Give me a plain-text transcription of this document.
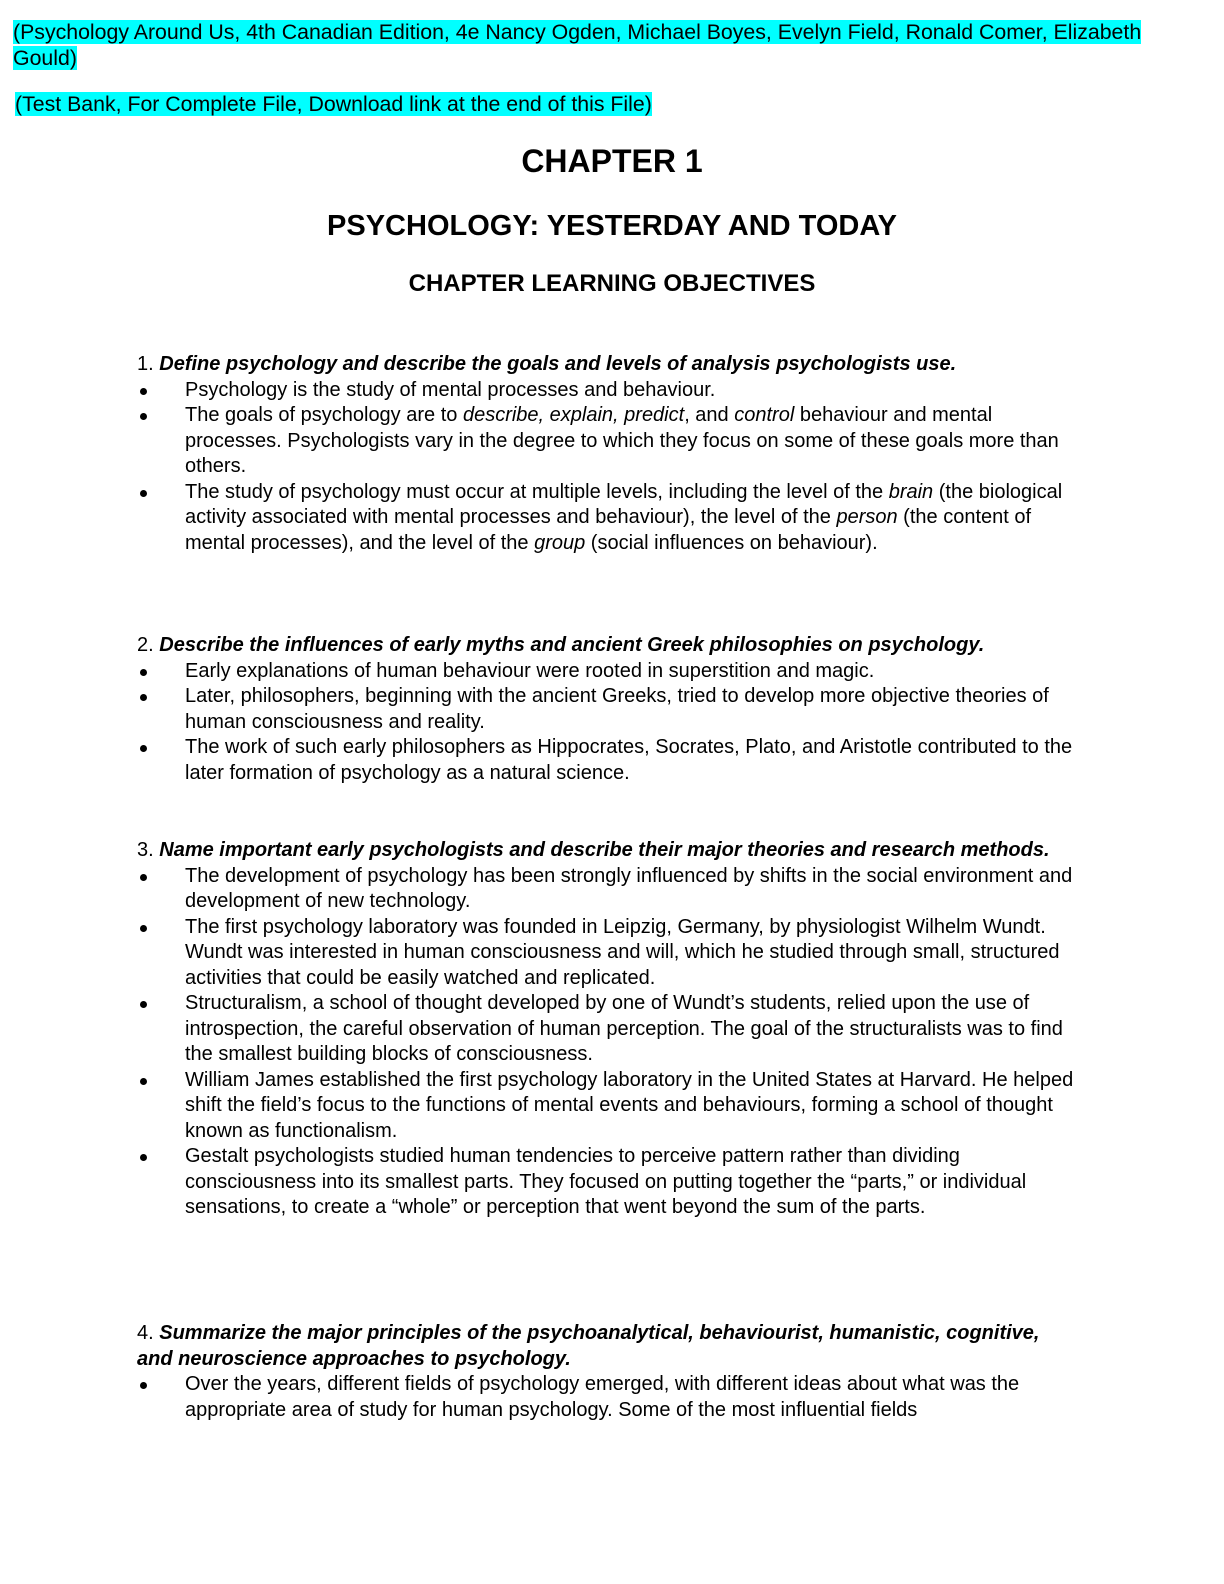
(Psychology Around Us, 4th Canadian Edition, 4e Nancy Ogden, Michael Boyes, Evelyn Field, Ronald Comer, Elizabeth Gould)
(Test Bank, For Complete File, Download link at the end of this File)
CHAPTER 1
PSYCHOLOGY: YESTERDAY AND TODAY
CHAPTER LEARNING OBJECTIVES

1. Define psychology and describe the goals and levels of analysis psychologists use.

Psychology is the study of mental processes and behaviour.
The goals of psychology are to describe, explain, predict, and control behaviour and mental processes. Psychologists vary in the degree to which they focus on some of these goals more than others.
The study of psychology must occur at multiple levels, including the level of the brain (the biological activity associated with mental processes and behaviour), the level of the person (the content of mental processes), and the level of the group (social influences on behaviour).

2. Describe the influences of early myths and ancient Greek philosophies on psychology.

Early explanations of human behaviour were rooted in superstition and magic.
Later, philosophers, beginning with the ancient Greeks, tried to develop more objective theories of human consciousness and reality.
The work of such early philosophers as Hippocrates, Socrates, Plato, and Aristotle contributed to the later formation of psychology as a natural science.

3. Name important early psychologists and describe their major theories and research methods.

The development of psychology has been strongly influenced by shifts in the social environment and development of new technology.
The first psychology laboratory was founded in Leipzig, Germany, by physiologist Wilhelm Wundt. Wundt was interested in human consciousness and will, which he studied through small, structured activities that could be easily watched and replicated.
Structuralism, a school of thought developed by one of Wundt’s students, relied upon the use of introspection, the careful observation of human perception. The goal of the structuralists was to find the smallest building blocks of consciousness.
William James established the first psychology laboratory in the United States at Harvard. He helped shift the field’s focus to the functions of mental events and behaviours, forming a school of thought known as functionalism.
Gestalt psychologists studied human tendencies to perceive pattern rather than dividing consciousness into its smallest parts. They focused on putting together the “parts,” or individual sensations, to create a “whole” or perception that went beyond the sum of the parts.

4. Summarize the major principles of the psychoanalytical, behaviourist, humanistic, cognitive, and neuroscience approaches to psychology.

Over the years, different fields of psychology emerged, with different ideas about what was the appropriate area of study for human psychology. Some of the most influential fields
